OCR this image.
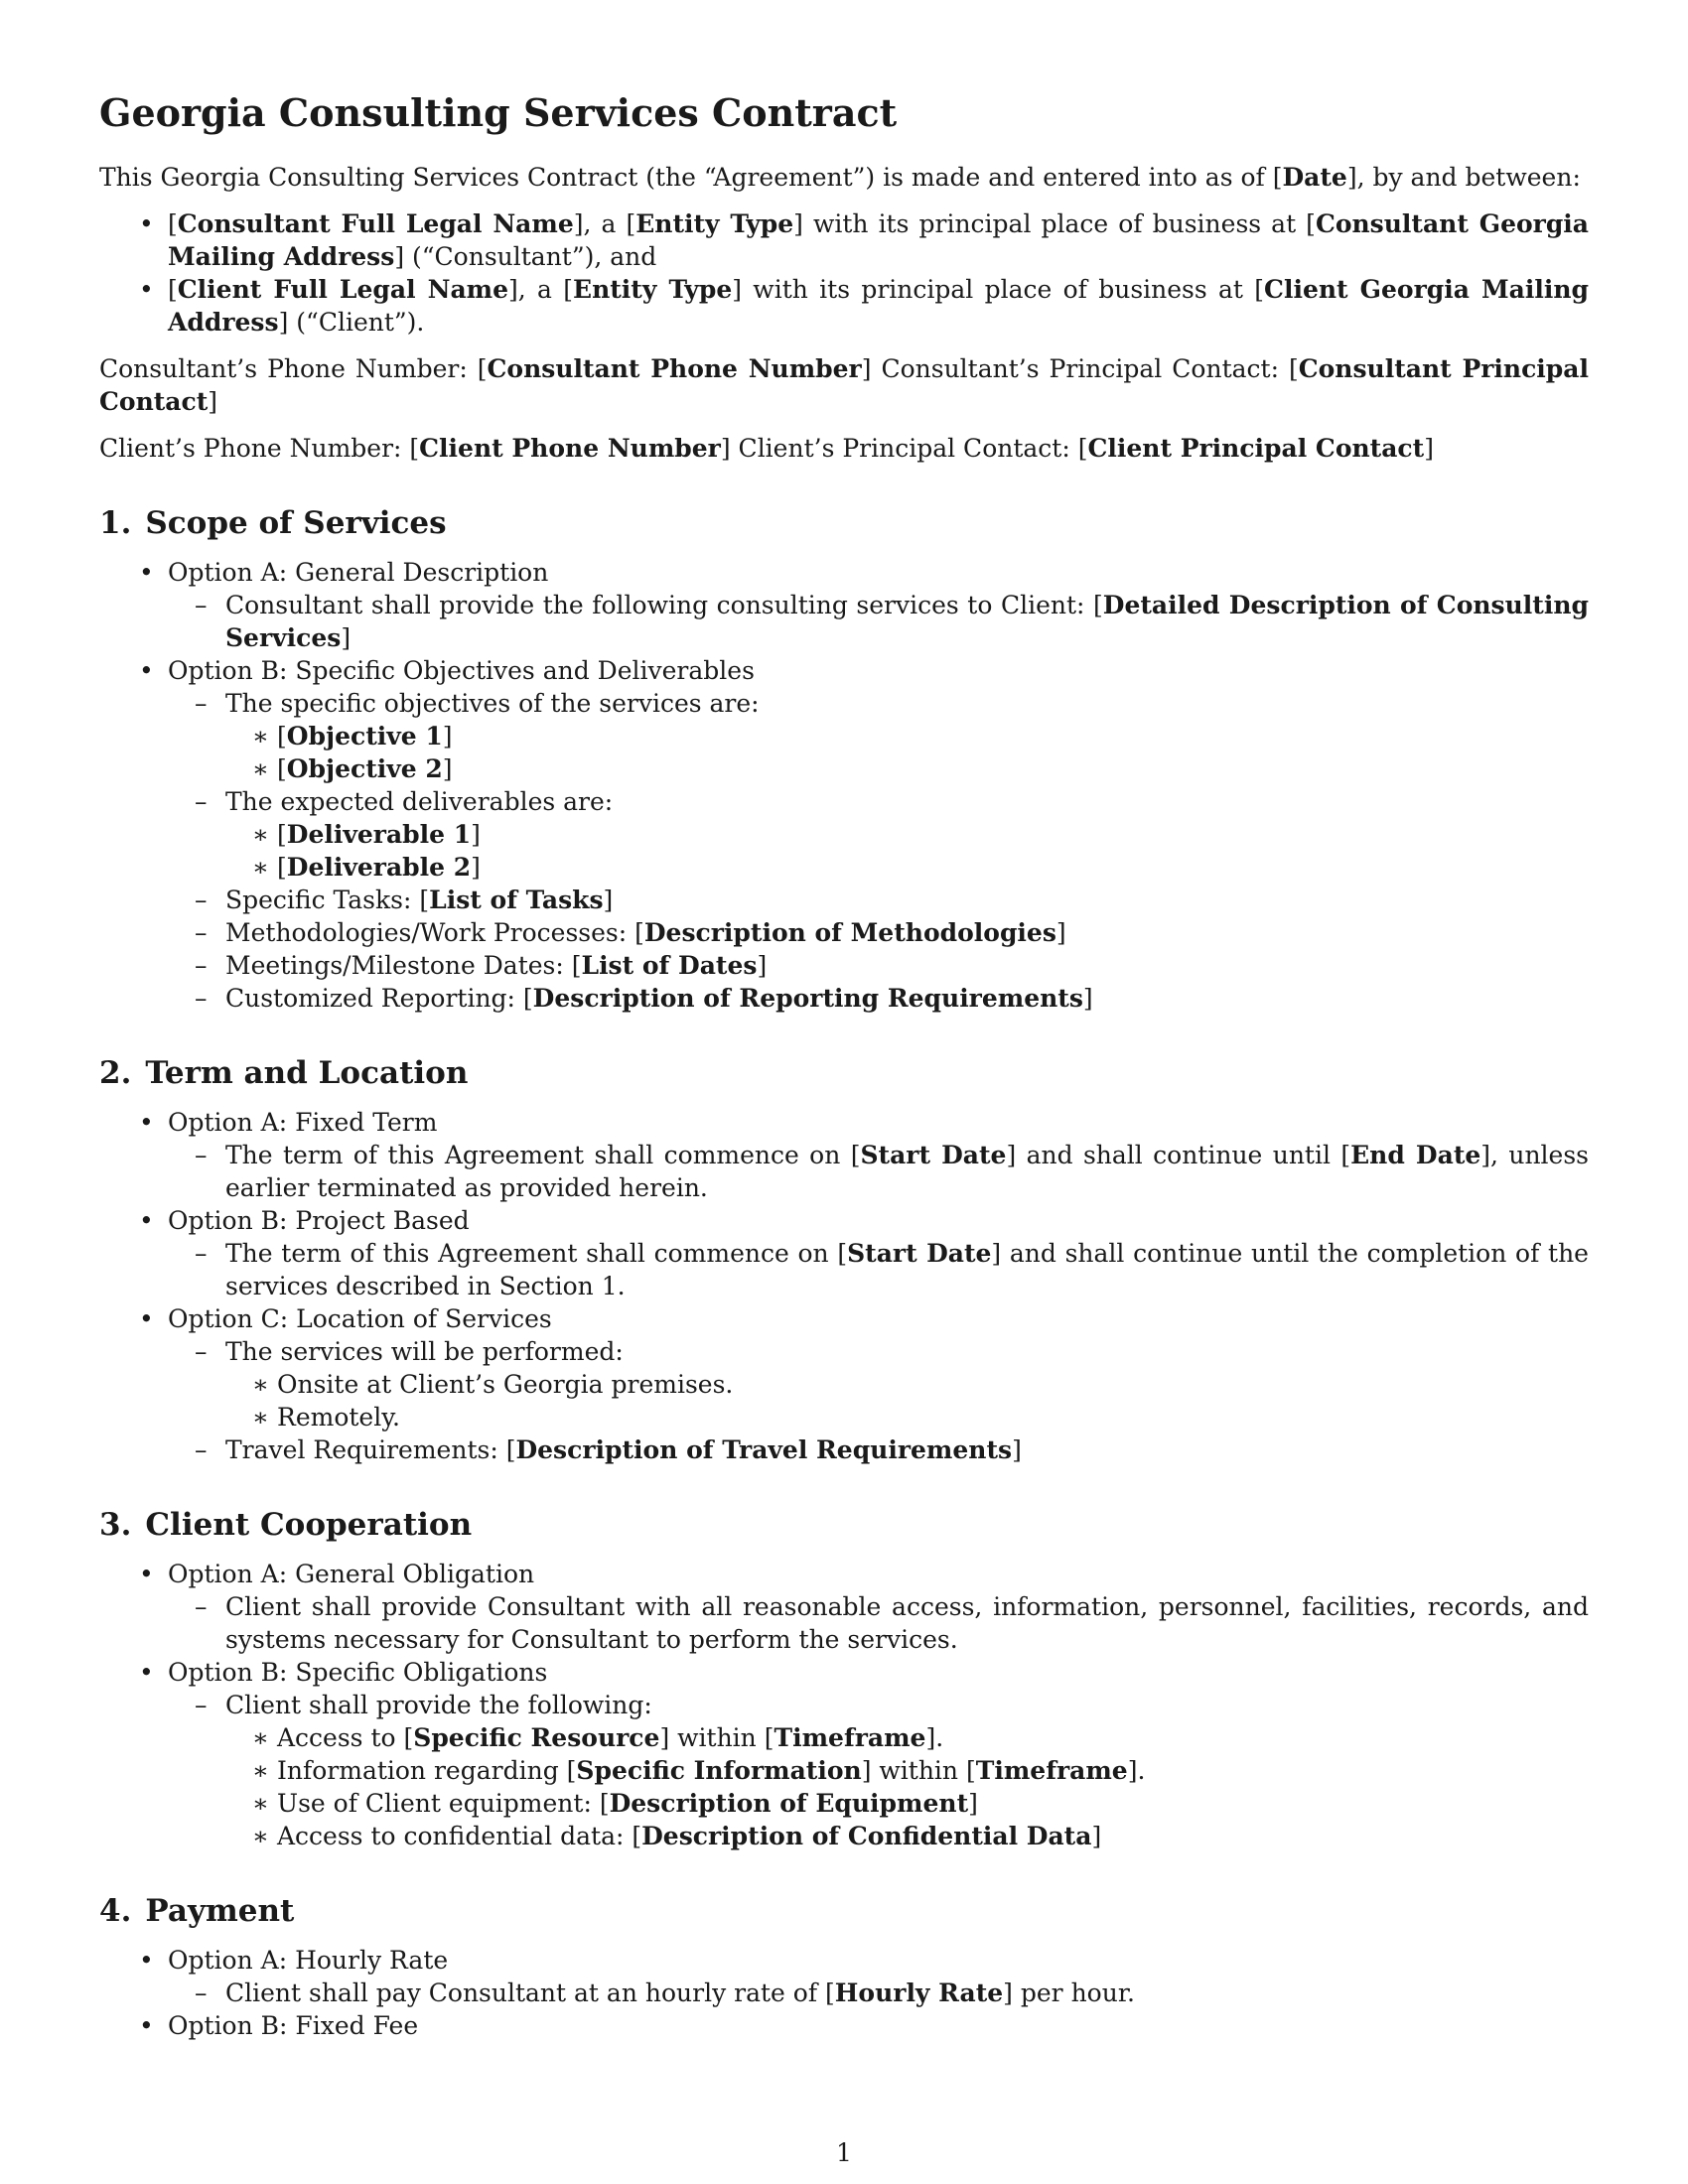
Georgia Consulting Services Contract

This Georgia Consulting Services Contract (the “Agreement”) is made and entered into as of [Date], by and between:

• [Consultant Full Legal Name], a [Entity Type] with its principal place of business at [Consultant Georgia Mailing Address] (“Consultant”), and
• [Client Full Legal Name], a [Entity Type] with its principal place of business at [Client Georgia Mailing Address] (“Client”).

Consultant’s Phone Number: [Consultant Phone Number] Consultant’s Principal Contact: [Consultant Principal Contact]

Client’s Phone Number: [Client Phone Number] Client’s Principal Contact: [Client Principal Contact]

1. Scope of Services
• Option A: General Description
– Consultant shall provide the following consulting services to Client: [Detailed Description of Consulting Services]
• Option B: Specific Objectives and Deliverables
– The specific objectives of the services are:
∗ [Objective 1]
∗ [Objective 2]
– The expected deliverables are:
∗ [Deliverable 1]
∗ [Deliverable 2]
– Specific Tasks: [List of Tasks]
– Methodologies/Work Processes: [Description of Methodologies]
– Meetings/Milestone Dates: [List of Dates]
– Customized Reporting: [Description of Reporting Requirements]
2. Term and Location
• Option A: Fixed Term
– The term of this Agreement shall commence on [Start Date] and shall continue until [End Date], unless earlier terminated as provided herein.
• Option B: Project Based
– The term of this Agreement shall commence on [Start Date] and shall continue until the completion of the services described in Section 1.
• Option C: Location of Services
– The services will be performed:
∗ Onsite at Client’s Georgia premises.
∗ Remotely.
– Travel Requirements: [Description of Travel Requirements]
3. Client Cooperation
• Option A: General Obligation
– Client shall provide Consultant with all reasonable access, information, personnel, facilities, records, and systems necessary for Consultant to perform the services.
• Option B: Specific Obligations
– Client shall provide the following:
∗ Access to [Specific Resource] within [Timeframe].
∗ Information regarding [Specific Information] within [Timeframe].
∗ Use of Client equipment: [Description of Equipment]
∗ Access to confidential data: [Description of Confidential Data]
4. Payment
• Option A: Hourly Rate
– Client shall pay Consultant at an hourly rate of [Hourly Rate] per hour.
• Option B: Fixed Fee
1
